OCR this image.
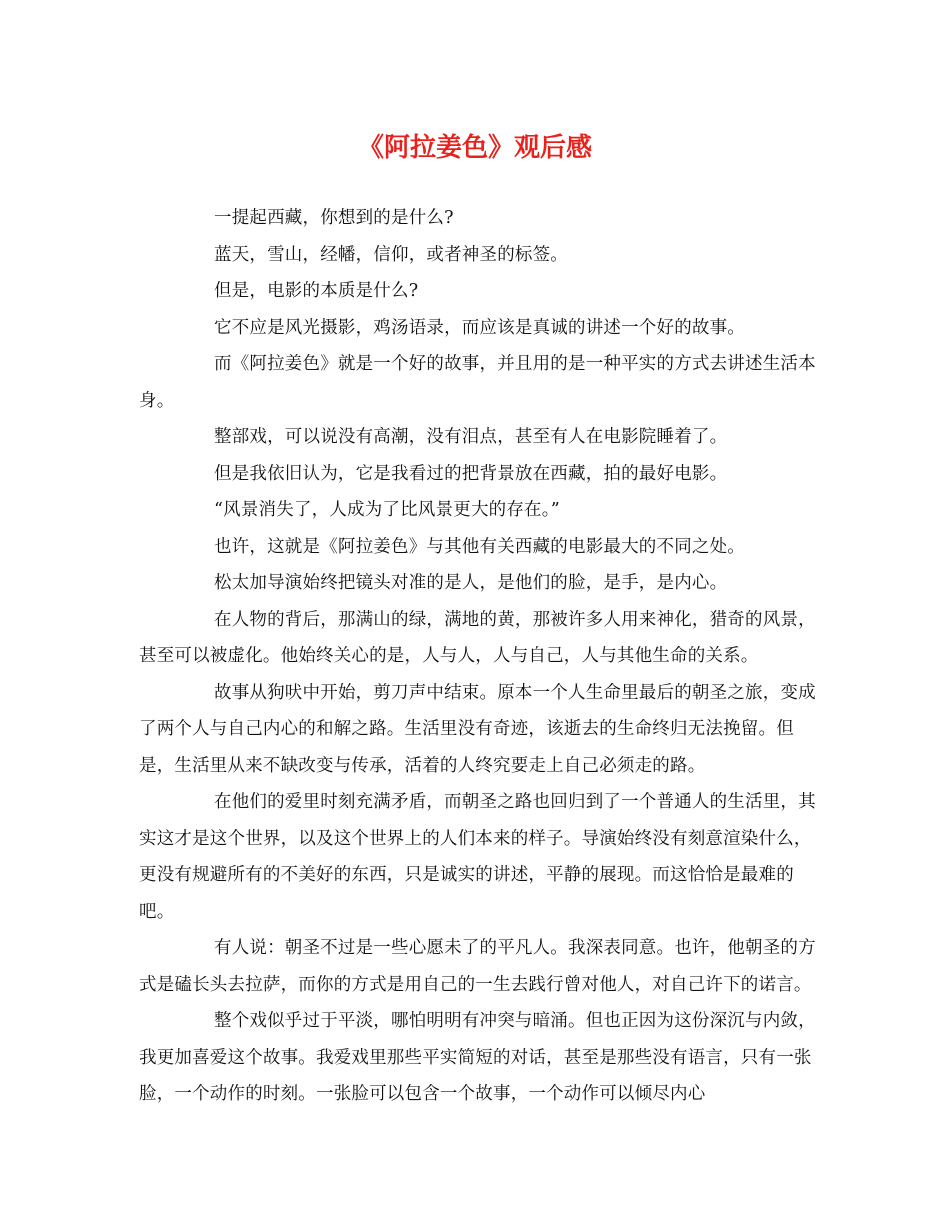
《阿拉姜色》观后感

一提起西藏，你想到的是什么?

蓝天，雪山，经幡，信仰，或者神圣的标签。

但是，电影的本质是什么?

它不应是风光摄影，鸡汤语录，而应该是真诚的讲述一个好的故事。

而《阿拉姜色》就是一个好的故事，并且用的是一种平实的方式去讲述生活本身。

整部戏，可以说没有高潮，没有泪点，甚至有人在电影院睡着了。

但是我依旧认为，它是我看过的把背景放在西藏，拍的最好电影。

“风景消失了，人成为了比风景更大的存在。”

也许，这就是《阿拉姜色》与其他有关西藏的电影最大的不同之处。

松太加导演始终把镜头对准的是人，是他们的脸，是手，是内心。

在人物的背后，那满山的绿，满地的黄，那被许多人用来神化，猎奇的风景，甚至可以被虚化。他始终关心的是，人与人，人与自己，人与其他生命的关系。

故事从狗吠中开始，剪刀声中结束。原本一个人生命里最后的朝圣之旅，变成了两个人与自己内心的和解之路。生活里没有奇迹，该逝去的生命终归无法挽留。但是，生活里从来不缺改变与传承，活着的人终究要走上自己必须走的路。

在他们的爱里时刻充满矛盾，而朝圣之路也回归到了一个普通人的生活里，其实这才是这个世界，以及这个世界上的人们本来的样子。导演始终没有刻意渲染什么，更没有规避所有的不美好的东西，只是诚实的讲述，平静的展现。而这恰恰是最难的吧。

有人说：朝圣不过是一些心愿未了的平凡人。我深表同意。也许，他朝圣的方式是磕长头去拉萨，而你的方式是用自己的一生去践行曾对他人，对自己许下的诺言。

整个戏似乎过于平淡，哪怕明明有冲突与暗涌。但也正因为这份深沉与内敛，我更加喜爱这个故事。我爱戏里那些平实简短的对话，甚至是那些没有语言，只有一张脸，一个动作的时刻。一张脸可以包含一个故事，一个动作可以倾尽内心
